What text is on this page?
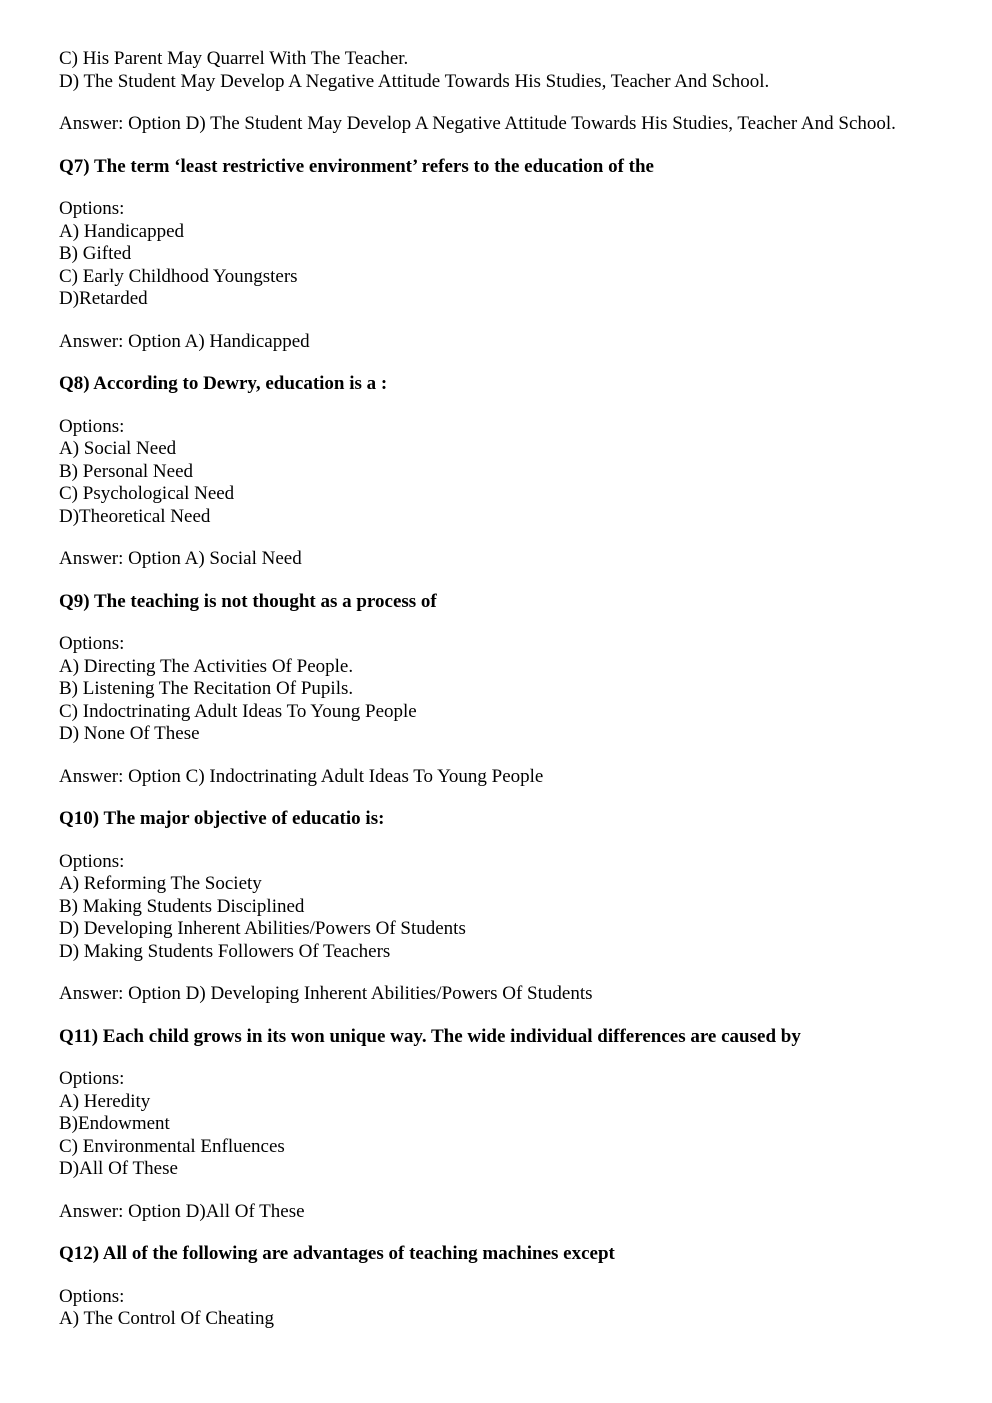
C) His Parent May Quarrel With The Teacher.
D) The Student May Develop A Negative Attitude Towards His Studies, Teacher And School.
Answer: Option D) The Student May Develop A Negative Attitude Towards His Studies, Teacher And School.
Q7) The term ‘least restrictive environment’ refers to the education of the
Options:
A) Handicapped
B) Gifted
C) Early Childhood Youngsters
D)Retarded
Answer: Option A) Handicapped
Q8) According to Dewry, education is a :
Options:
A) Social Need
B) Personal Need
C) Psychological Need
D)Theoretical Need
Answer: Option A) Social Need
Q9) The teaching is not thought as a process of
Options:
A) Directing The Activities Of People.
B) Listening The Recitation Of Pupils.
C) Indoctrinating Adult Ideas To Young People
D) None Of These
Answer: Option C) Indoctrinating Adult Ideas To Young People
Q10) The major objective of educatio is:
Options:
A) Reforming The Society
B) Making Students Disciplined
D) Developing Inherent Abilities/Powers Of Students
D) Making Students Followers Of Teachers
Answer: Option D) Developing Inherent Abilities/Powers Of Students
Q11) Each child grows in its won unique way. The wide individual differences are caused by
Options:
A) Heredity
B)Endowment
C) Environmental Enfluences
D)All Of These
Answer: Option D)All Of These
Q12) All of the following are advantages of teaching machines except
Options:
A) The Control Of Cheating
